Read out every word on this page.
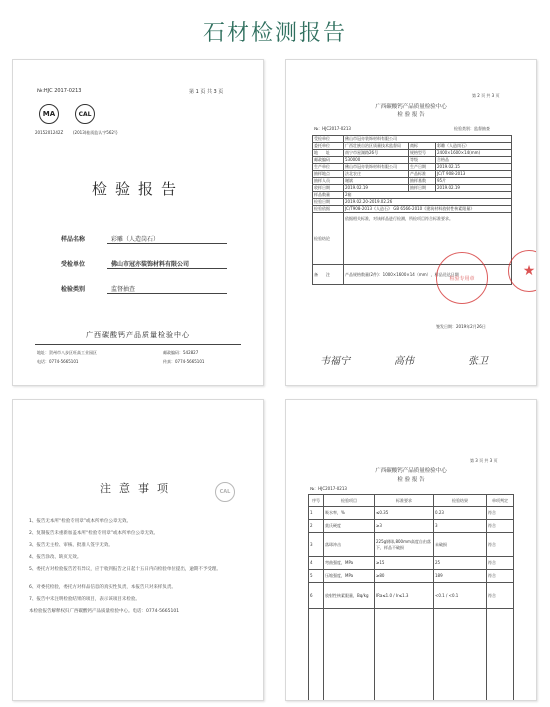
石材检测报告
№:HJC 2017-0213	第 1 页 共 3 页
MA	CAL
2015201242Z (2013)桂质监认字562号
检验报告
样品名称	彩雕（人造岗石）
受检单位	佛山市冠亦装饰材料有限公司
检验类别	监督抽查
广西碳酸钙产品质量检验中心
地址： 贺州市八步区旺高工业园区	邮政编码：542827
电话：0774-5665101	传真：0774-5665101
第 2 页 共 3 页
广西碳酸钙产品质量检验中心
检 验 报 告
№：HJC2017-0213	检验类别：监督抽查
受检单位	佛山市冠亦装饰材料有限公司		
委托单位	广西壮族自治区质量技术监督局	商标	彩雕（人造岗石）
地　　址	南宁市星湖路26号	规格型号	2400×1600×14(mm)
邮政编码	530000	等级	合格品
生产单位	佛山市冠亦装饰材料有限公司	生产日期	2019.02.15
抽样地点	法北农庄	产品标准	JC/T 908-2013
抽样人员	谢斌	抽样基数	95片
收样日期	2019.02.19	抽样日期	2019.02.19
样品数量	2箱		
检验日期	2019.02.20-2019.02.26		
检验依据	JC/T908-2013《人造石》 GB 6566-2010《建筑材料放射性核素限量》		
检验结论	依据相关标准，对该样品进行检测，所检项目符合标准要求。		
备　　注	产品规格数量(2件)：1000×1600×14（mm），样品送达日期		
检验专用章	★
签发日期：2019年2月26日
韦福宁	高伟	张卫
注意事项	CAL
1、报告无本所“检验专用章”或本所单位公章无效。
2、复制报告未重新加盖本所“检验专用章”或本所单位公章无效。
3、报告无主检、审核、批准人签字无效。
4、报告涂改、缺页无效。
5、委托方对检验报告若有异议，应于收到报告之日起十五日内向检验单位提出，逾期不予受理。
6、对委托检验，委托方对样品信息的真实性负责，本报告只对来样负责。
7、报告中未注明检验结果的项目，表示该项目未检验。
本检验报告解释权归广西碳酸钙产品质量检验中心。电话：0774-5665101
广西碳酸钙产品质量检验中心
第 3 页 共 3 页
检 验 报 告
№：HJC2017-0213
序号	检验项目	标准要求	检验结果	单项判定
1	吸水率，%	≤0.35	0.23	符合
2	莫氏硬度	≥3	3	符合
3	落球冲击	225g钢球,800mm高度自由落下，样品不破损	未破损	符合
4	弯曲强度，MPa	≥15	25	符合
5	压缩强度，MPa	≥80	189	符合
6	放射性核素限量，Bq/kg	IRa≤1.0 / Ir≤1.3	<0.1 / <0.1	符合
